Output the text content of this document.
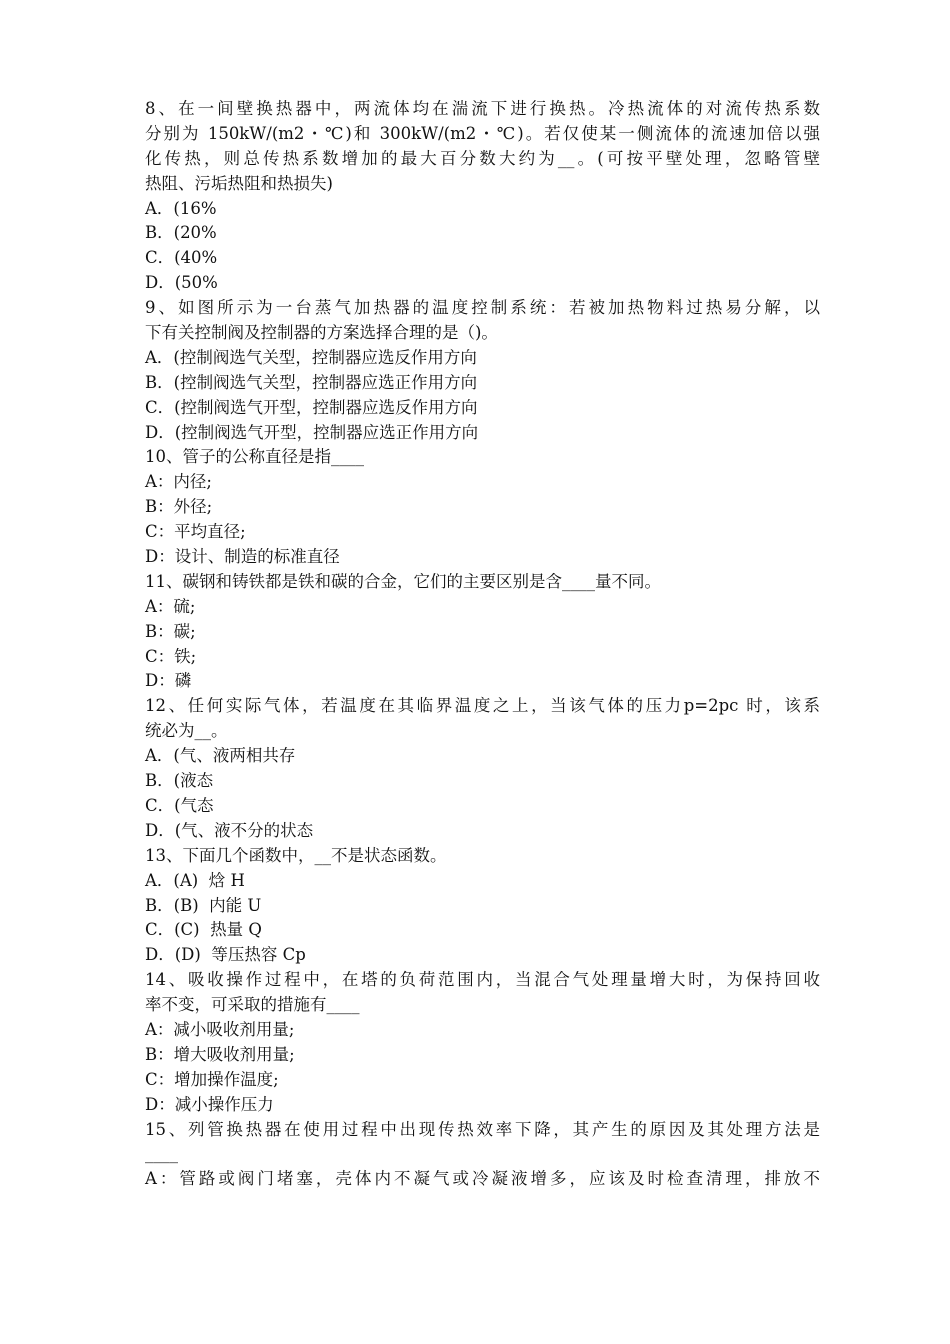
8、在一间壁换热器中，两流体均在湍流下进行换热。冷热流体的对流传热系数
分别为 150kW/(m2・℃)和 300kW/(m2・℃)。若仅使某一侧流体的流速加倍以强
化传热，则总传热系数增加的最大百分数大约为__。(可按平壁处理，忽略管壁
热阻、污垢热阻和热损失)
A．(16%
B．(20%
C．(40%
D．(50%
9、如图所示为一台蒸气加热器的温度控制系统：若被加热物料过热易分解，以
下有关控制阀及控制器的方案选择合理的是（)。
A．(控制阀选气关型，控制器应选反作用方向
B．(控制阀选气关型，控制器应选正作用方向
C．(控制阀选气开型，控制器应选反作用方向
D．(控制阀选气开型，控制器应选正作用方向
10、管子的公称直径是指____
A：内径;
B：外径;
C：平均直径;
D：设计、制造的标准直径
11、碳钢和铸铁都是铁和碳的合金，它们的主要区别是含____量不同。
A：硫;
B：碳;
C：铁;
D：磷
12、任何实际气体，若温度在其临界温度之上，当该气体的压力p=2pc 时，该系
统必为__。
A．(气、液两相共存
B．(液态
C．(气态
D．(气、液不分的状态
13、下面几个函数中，__不是状态函数。
A．(A)  焓 H
B．(B)  内能 U
C．(C)  热量 Q
D．(D)  等压热容 Cp
14、吸收操作过程中，在塔的负荷范围内，当混合气处理量增大时，为保持回收
率不变，可采取的措施有____
A：减小吸收剂用量;
B：增大吸收剂用量;
C：增加操作温度;
D：减小操作压力
15、列管换热器在使用过程中出现传热效率下降，其产生的原因及其处理方法是
____
A：管路或阀门堵塞，壳体内不凝气或冷凝液增多，应该及时检查清理，排放不
